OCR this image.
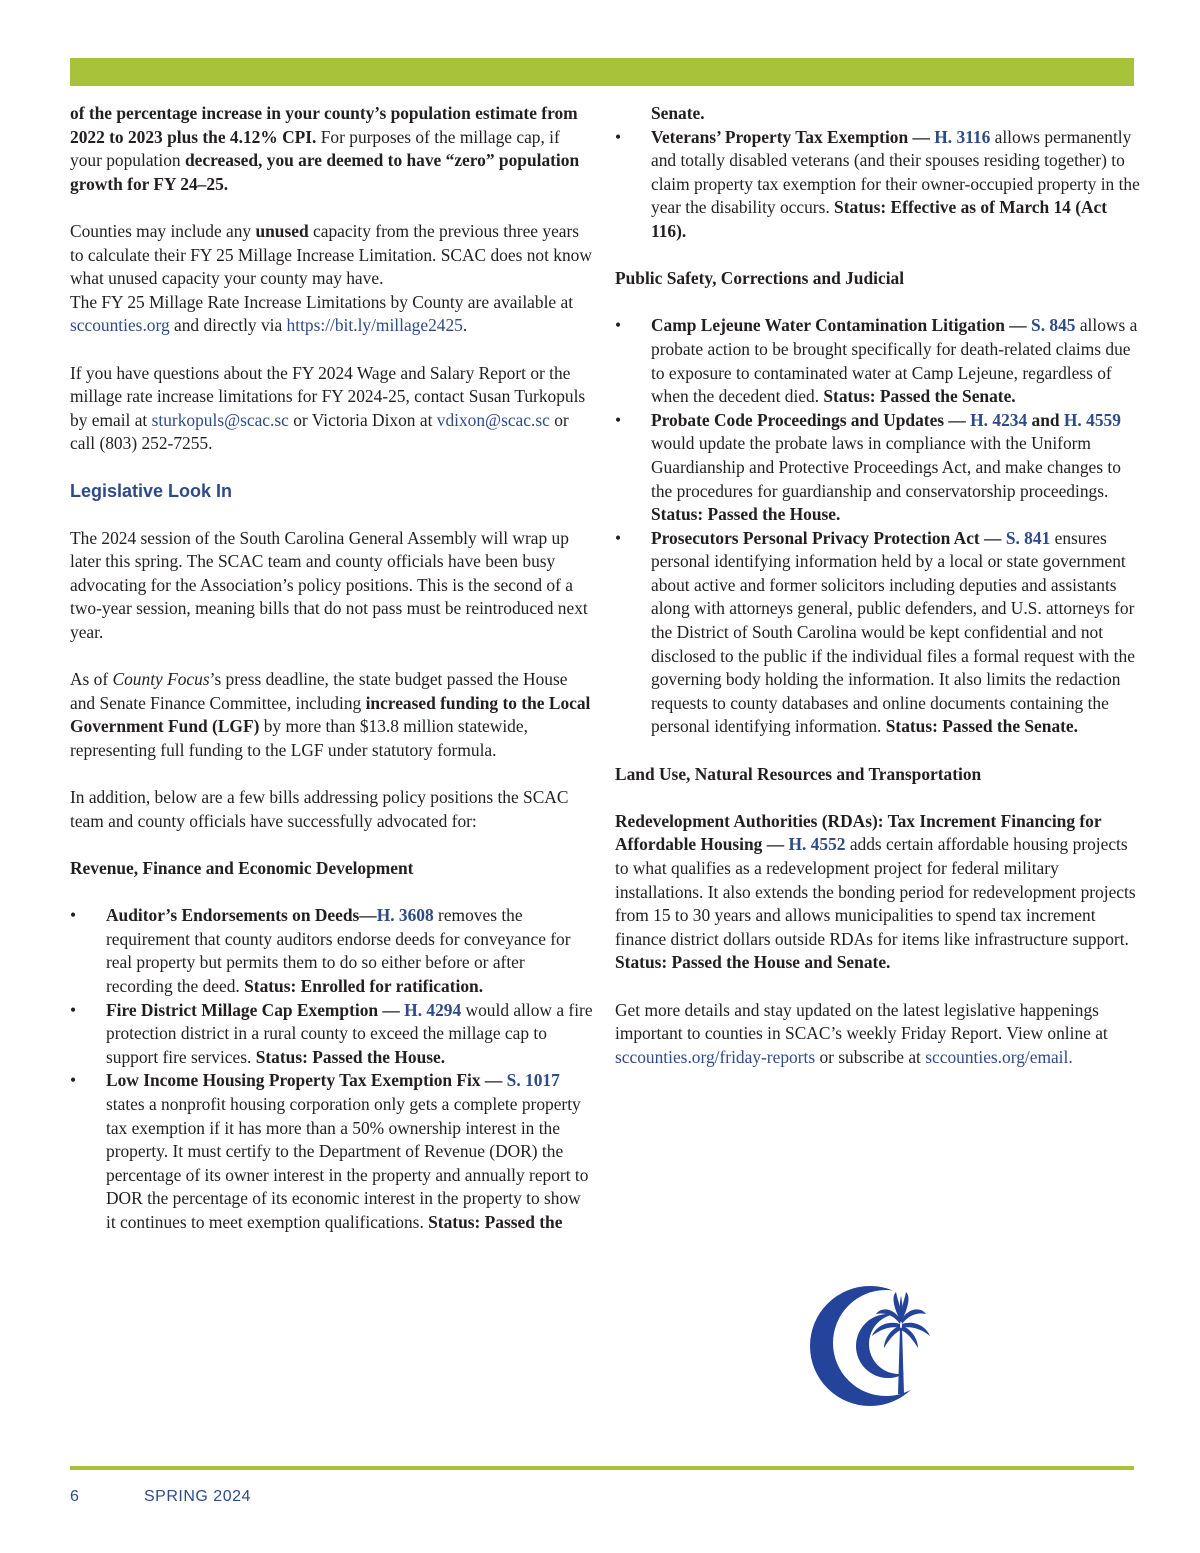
of the percentage increase in your county’s population estimate from 2022 to 2023 plus the 4.12% CPI. For purposes of the millage cap, if your population decreased, you are deemed to have “zero” population growth for FY 24–25.

Counties may include any unused capacity from the previous three years to calculate their FY 25 Millage Increase Limitation. SCAC does not know what unused capacity your county may have.
The FY 25 Millage Rate Increase Limitations by County are available at sccounties.org and directly via https://bit.ly/millage2425.

If you have questions about the FY 2024 Wage and Salary Report or the millage rate increase limitations for FY 2024-25, contact Susan Turkopuls by email at sturkopuls@scac.sc or Victoria Dixon at vdixon@scac.sc or call (803) 252-7255.

Legislative Look In

The 2024 session of the South Carolina General Assembly will wrap up later this spring. The SCAC team and county officials have been busy advocating for the Association’s policy positions. This is the second of a two-year session, meaning bills that do not pass must be reintroduced next year.

As of County Focus’s press deadline, the state budget passed the House and Senate Finance Committee, including increased funding to the Local Government Fund (LGF) by more than $13.8 million statewide, representing full funding to the LGF under statutory formula.

In addition, below are a few bills addressing policy positions the SCAC team and county officials have successfully advocated for:

Revenue, Finance and Economic Development
• Auditor’s Endorsements on Deeds—H. 3608 removes the requirement that county auditors endorse deeds for conveyance for real property but permits them to do so either before or after recording the deed. Status: Enrolled for ratification.
• Fire District Millage Cap Exemption — H. 4294 would allow a fire protection district in a rural county to exceed the millage cap to support fire services. Status: Passed the House.
• Low Income Housing Property Tax Exemption Fix — S. 1017 states a nonprofit housing corporation only gets a complete property tax exemption if it has more than a 50% ownership interest in the property. It must certify to the Department of Revenue (DOR) the percentage of its owner interest in the property and annually report to DOR the percentage of its economic interest in the property to show it continues to meet exemption qualifications. Status: Passed the
Senate.
• Veterans’ Property Tax Exemption — H. 3116 allows permanently and totally disabled veterans (and their spouses residing together) to claim property tax exemption for their owner-occupied property in the year the disability occurs. Status: Effective as of March 14 (Act 116).
Public Safety, Corrections and Judicial
• Camp Lejeune Water Contamination Litigation — S. 845 allows a probate action to be brought specifically for death-related claims due to exposure to contaminated water at Camp Lejeune, regardless of when the decedent died. Status: Passed the Senate.
• Probate Code Proceedings and Updates — H. 4234 and H. 4559 would update the probate laws in compliance with the Uniform Guardianship and Protective Proceedings Act, and make changes to the procedures for guardianship and conservatorship proceedings. Status: Passed the House.
• Prosecutors Personal Privacy Protection Act — S. 841 ensures personal identifying information held by a local or state government about active and former solicitors including deputies and assistants along with attorneys general, public defenders, and U.S. attorneys for the District of South Carolina would be kept confidential and not disclosed to the public if the individual files a formal request with the governing body holding the information. It also limits the redaction requests to county databases and online documents containing the personal identifying information. Status: Passed the Senate.
Land Use, Natural Resources and Transportation

Redevelopment Authorities (RDAs): Tax Increment Financing for Affordable Housing — H. 4552 adds certain affordable housing projects to what qualifies as a redevelopment project for federal military installations. It also extends the bonding period for redevelopment projects from 15 to 30 years and allows municipalities to spend tax increment finance district dollars outside RDAs for items like infrastructure support. Status: Passed the House and Senate.

Get more details and stay updated on the latest legislative happenings important to counties in SCAC’s weekly Friday Report. View online at sccounties.org/friday-reports or subscribe at sccounties.org/email.

6	SPRING 2024
